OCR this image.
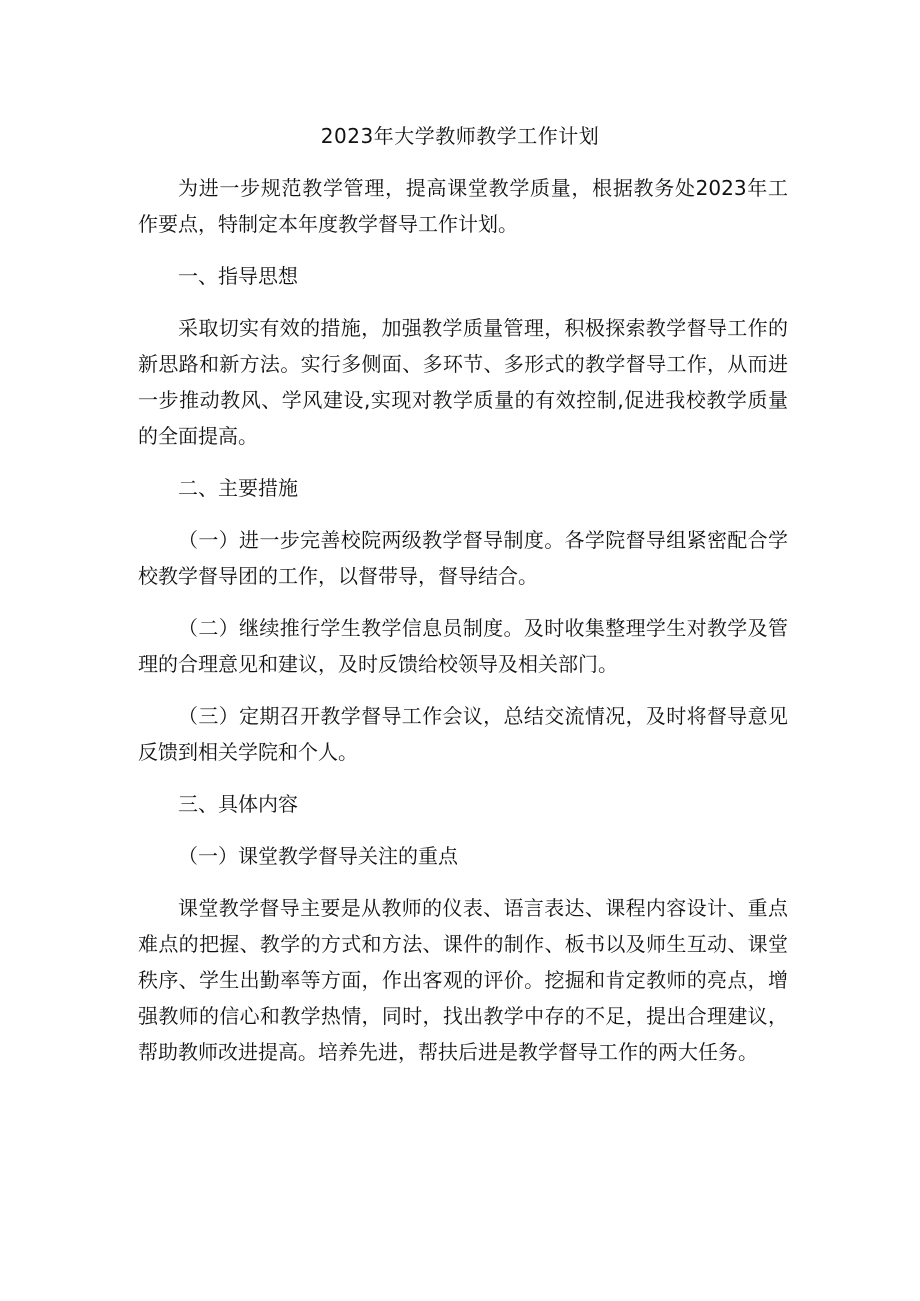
2023年大学教师教学工作计划

为进一步规范教学管理，提高课堂教学质量，根据教务处2023年工作要点，特制定本年度教学督导工作计划。

一、指导思想

采取切实有效的措施，加强教学质量管理，积极探索教学督导工作的新思路和新方法。实行多侧面、多环节、多形式的教学督导工作，从而进一步推动教风、学风建设,实现对教学质量的有效控制,促进我校教学质量的全面提高。

二、主要措施

（一）进一步完善校院两级教学督导制度。各学院督导组紧密配合学校教学督导团的工作，以督带导，督导结合。

（二）继续推行学生教学信息员制度。及时收集整理学生对教学及管理的合理意见和建议，及时反馈给校领导及相关部门。

（三）定期召开教学督导工作会议，总结交流情况，及时将督导意见反馈到相关学院和个人。

三、具体内容

（一）课堂教学督导关注的重点

课堂教学督导主要是从教师的仪表、语言表达、课程内容设计、重点难点的把握、教学的方式和方法、课件的制作、板书以及师生互动、课堂秩序、学生出勤率等方面，作出客观的评价。挖掘和肯定教师的亮点，增强教师的信心和教学热情，同时，找出教学中存的不足，提出合理建议，帮助教师改进提高。培养先进，帮扶后进是教学督导工作的两大任务。
